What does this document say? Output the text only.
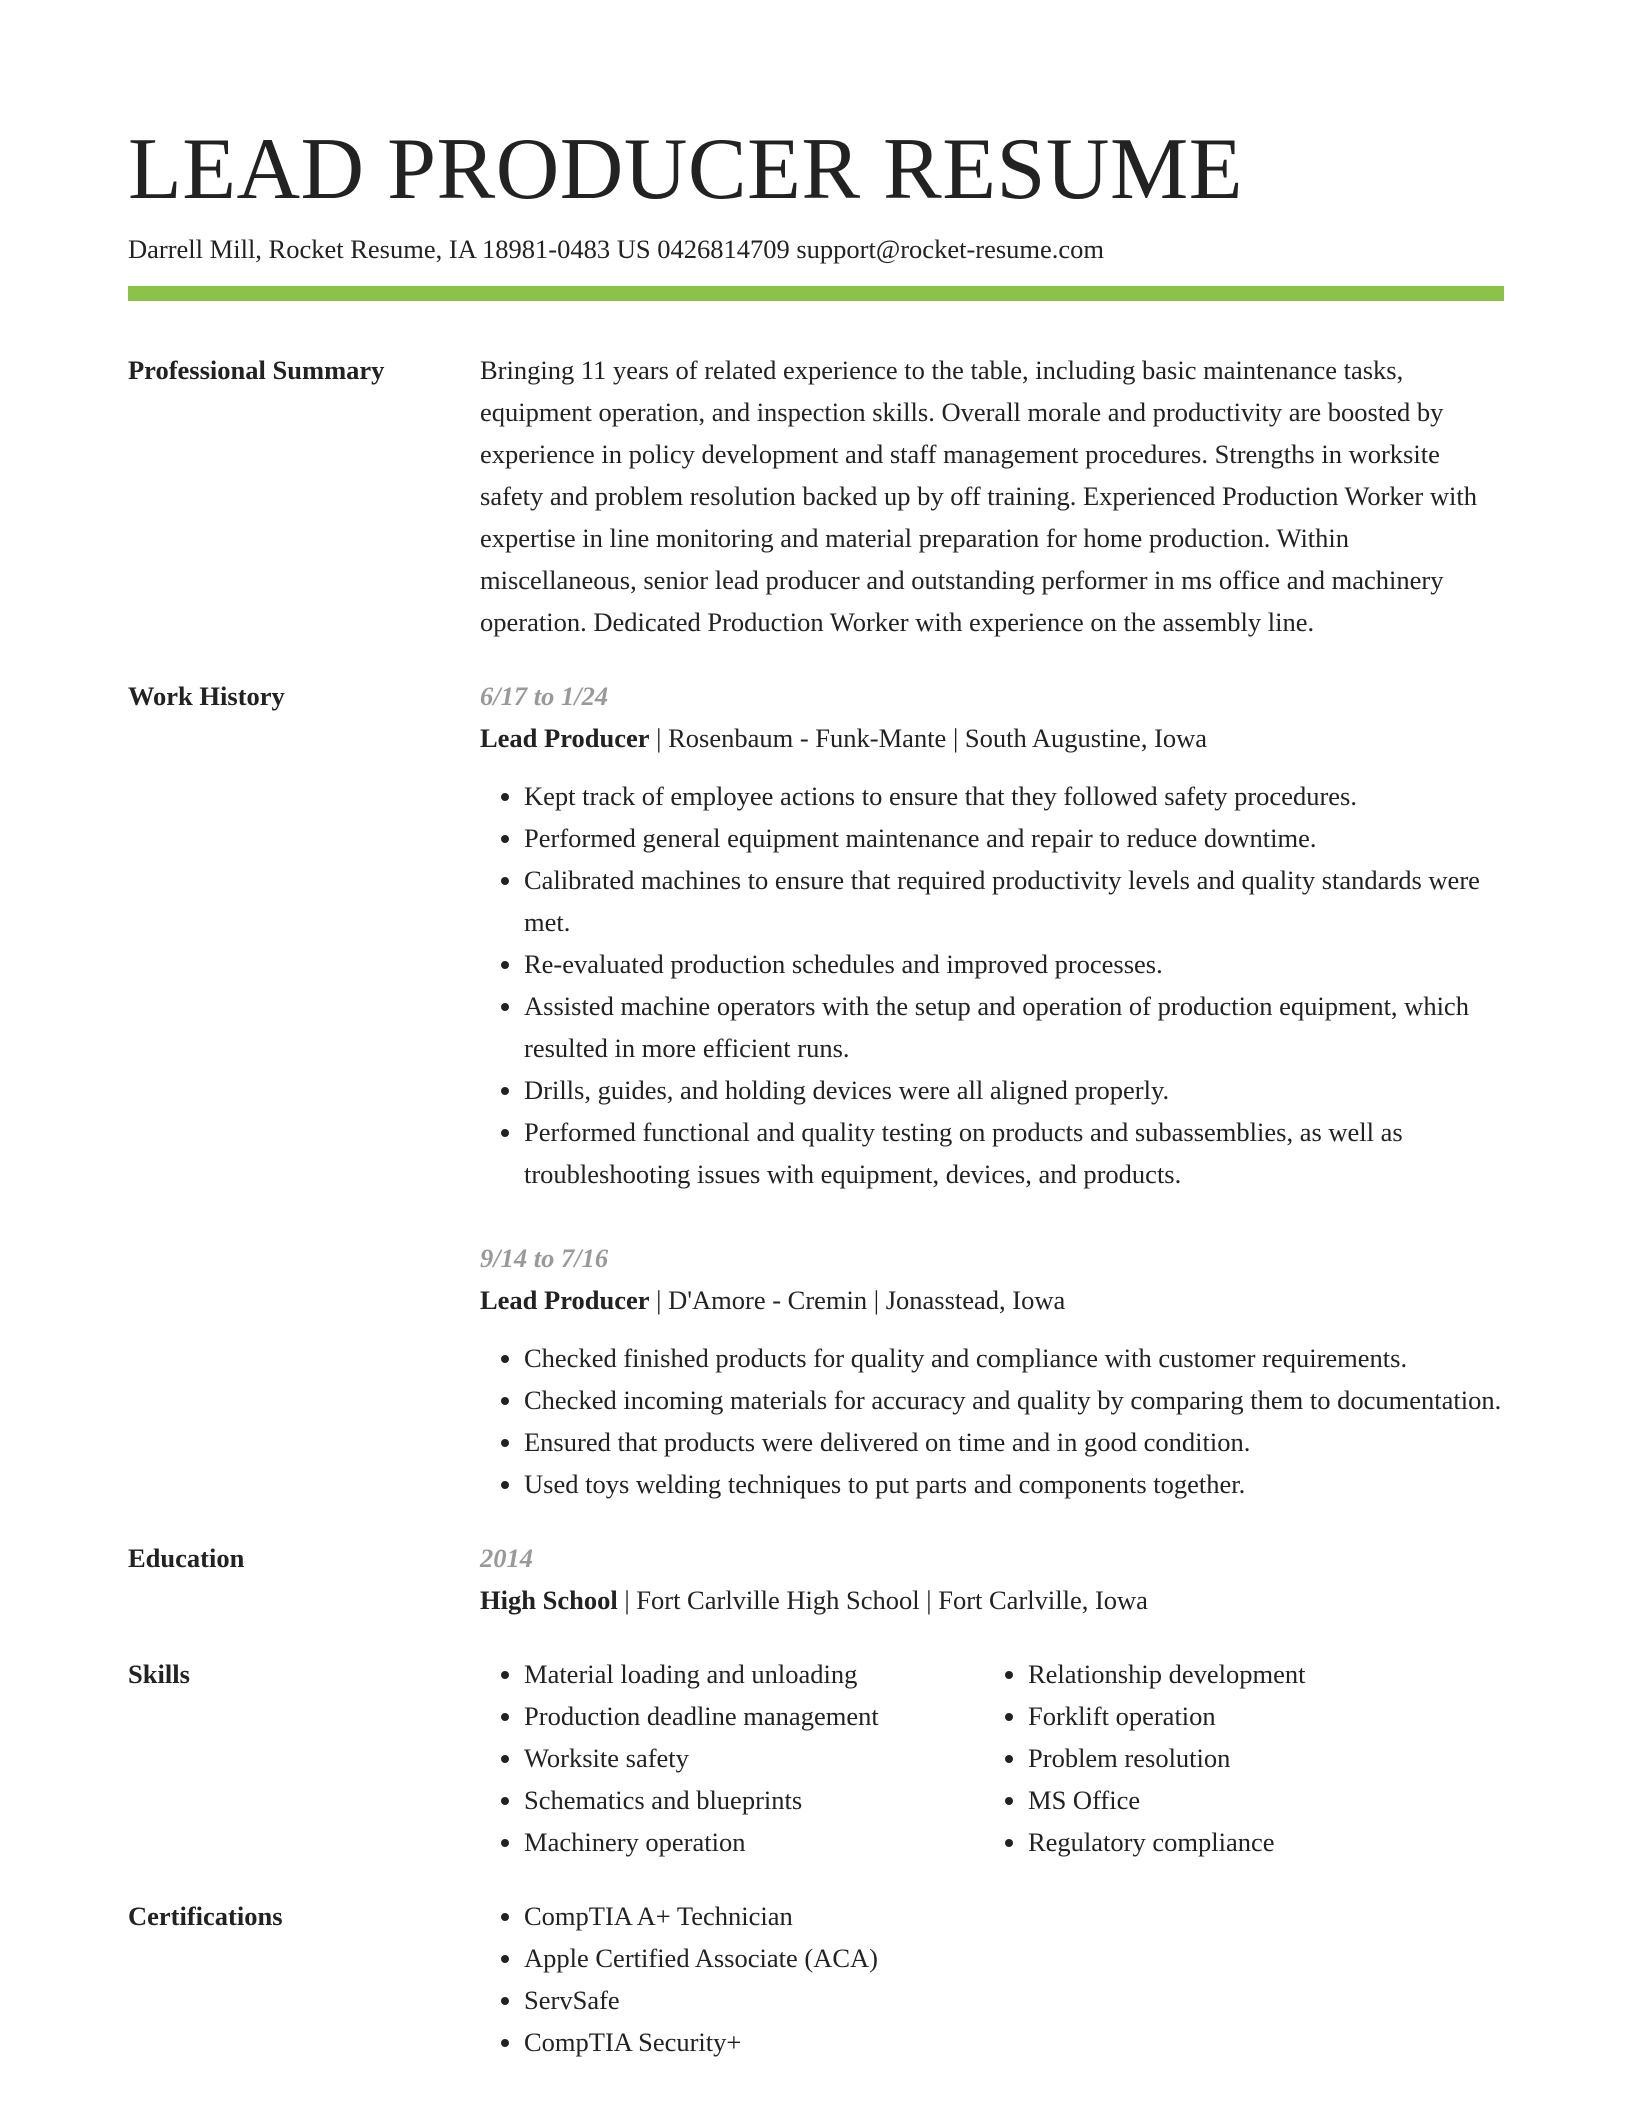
LEAD PRODUCER RESUME
Darrell Mill, Rocket Resume, IA 18981-0483 US 0426814709 support@rocket-resume.com
Professional Summary	Bringing 11 years of related experience to the table, including basic maintenance tasks, equipment operation, and inspection skills. Overall morale and productivity are boosted by experience in policy development and staff management procedures. Strengths in worksite safety and problem resolution backed up by off training. Experienced Production Worker with expertise in line monitoring and material preparation for home production. Within miscellaneous, senior lead producer and outstanding performer in ms office and machinery operation. Dedicated Production Worker with experience on the assembly line.

Work History	6/17 to 1/24
Lead Producer | Rosenbaum - Funk-Mante | South Augustine, Iowa
• Kept track of employee actions to ensure that they followed safety procedures.
• Performed general equipment maintenance and repair to reduce downtime.
• Calibrated machines to ensure that required productivity levels and quality standards were met.
• Re-evaluated production schedules and improved processes.
• Assisted machine operators with the setup and operation of production equipment, which resulted in more efficient runs.
• Drills, guides, and holding devices were all aligned properly.
• Performed functional and quality testing on products and subassemblies, as well as troubleshooting issues with equipment, devices, and products.
9/14 to 7/16
Lead Producer | D'Amore - Cremin | Jonasstead, Iowa
• Checked finished products for quality and compliance with customer requirements.
• Checked incoming materials for accuracy and quality by comparing them to documentation.
• Ensured that products were delivered on time and in good condition.
• Used toys welding techniques to put parts and components together.
Education	2014
High School | Fort Carlville High School | Fort Carlville, Iowa
Skills	• Material loading and unloading
• Production deadline management
• Worksite safety
• Schematics and blueprints
• Machinery operation
• Relationship development
• Forklift operation
• Problem resolution
• MS Office
• Regulatory compliance
Certifications	• CompTIA A+ Technician
• Apple Certified Associate (ACA)
• ServSafe
• CompTIA Security+
